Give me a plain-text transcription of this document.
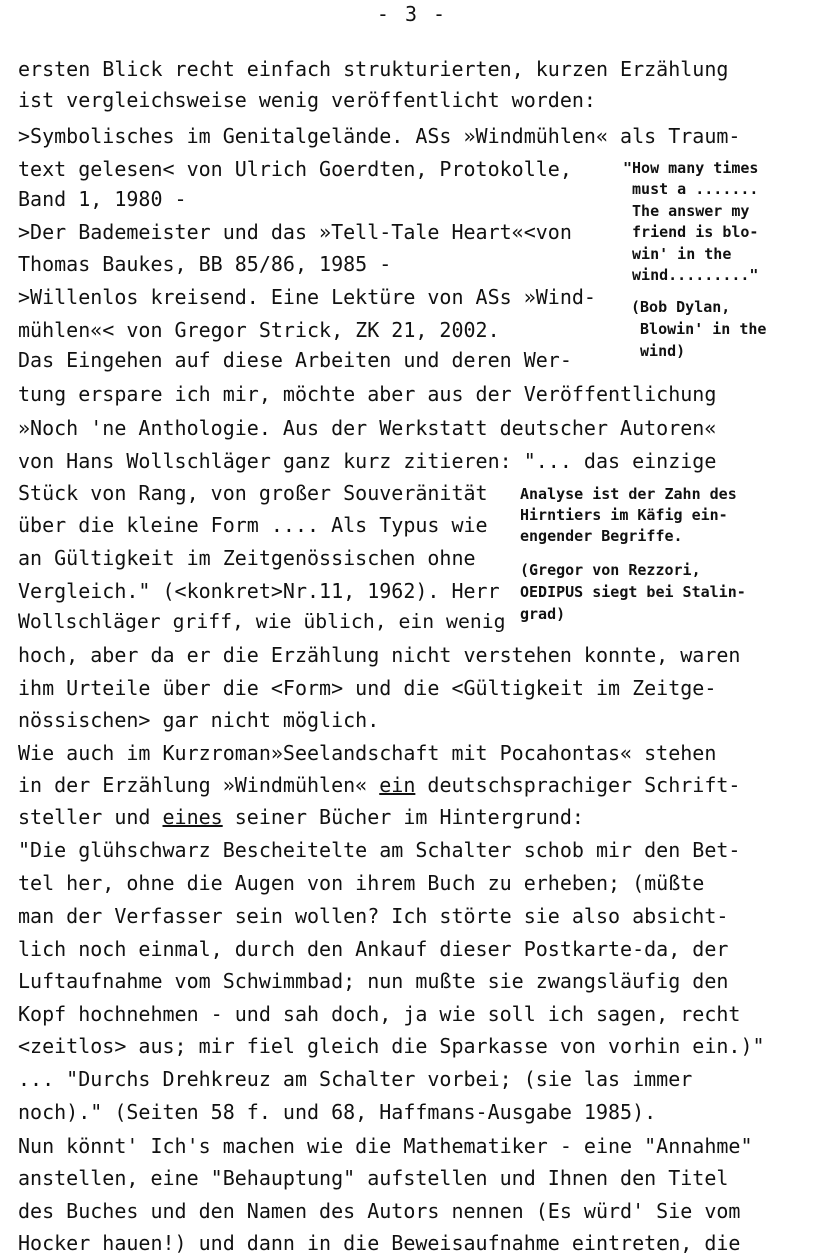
- 3 -
ersten Blick recht einfach strukturierten, kurzen Erzählung
ist vergleichsweise wenig veröffentlicht worden:
>Symbolisches im Genitalgelände. ASs »Windmühlen« als Traum-
text gelesen< von Ulrich Goerdten, Protokolle,
Band 1, 1980 -
>Der Bademeister und das »Tell-Tale Heart«<von
Thomas Baukes, BB 85/86, 1985 -
>Willenlos kreisend. Eine Lektüre von ASs »Wind-
mühlen«< von Gregor Strick, ZK 21, 2002.
Das Eingehen auf diese Arbeiten und deren Wer-
tung erspare ich mir, möchte aber aus der Veröffentlichung
»Noch 'ne Anthologie. Aus der Werkstatt deutscher Autoren«
von Hans Wollschläger ganz kurz zitieren: "... das einzige
Stück von Rang, von großer Souveränität
über die kleine Form .... Als Typus wie
an Gültigkeit im Zeitgenössischen ohne
Vergleich." (<konkret>Nr.11, 1962). Herr
Wollschläger griff, wie üblich, ein wenig
hoch, aber da er die Erzählung nicht verstehen konnte, waren
ihm Urteile über die <Form> und die <Gültigkeit im Zeitge-
nössischen> gar nicht möglich.
Wie auch im Kurzroman»Seelandschaft mit Pocahontas« stehen
in der Erzählung »Windmühlen« ein deutschsprachiger Schrift-
steller und eines seiner Bücher im Hintergrund:
"Die glühschwarz Bescheitelte am Schalter schob mir den Bet-
tel her, ohne die Augen von ihrem Buch zu erheben; (müßte
man der Verfasser sein wollen? Ich störte sie also absicht-
lich noch einmal, durch den Ankauf dieser Postkarte-da, der
Luftaufnahme vom Schwimmbad; nun mußte sie zwangsläufig den
Kopf hochnehmen - und sah doch, ja wie soll ich sagen, recht
<zeitlos> aus; mir fiel gleich die Sparkasse von vorhin ein.)"
... "Durchs Drehkreuz am Schalter vorbei; (sie las immer
noch)." (Seiten 58 f. und 68, Haffmans-Ausgabe 1985).
Nun könnt' Ich's machen wie die Mathematiker - eine "Annahme"
anstellen, eine "Behauptung" aufstellen und Ihnen den Titel
des Buches und den Namen des Autors nennen (Es würd' Sie vom
Hocker hauen!) und dann in die Beweisaufnahme eintreten, die
"How many times
must a .......
The answer my
friend is blo-
win' in the
wind........."
(Bob Dylan,
Blowin' in the
wind)
Analyse ist der Zahn des
Hirntiers im Käfig ein-
engender Begriffe.
(Gregor von Rezzori,
OEDIPUS siegt bei Stalin-
grad)
